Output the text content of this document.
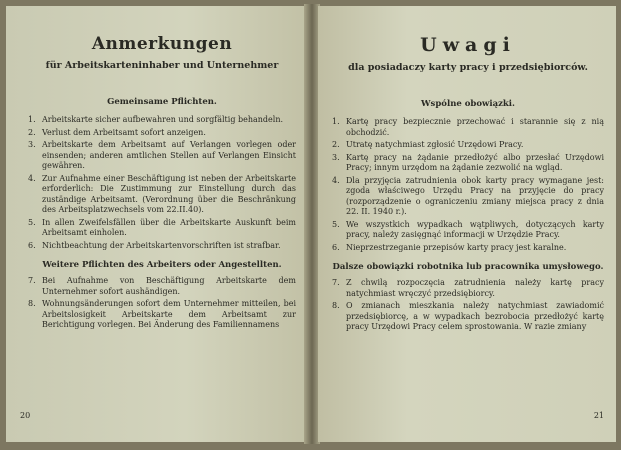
Anmerkungen
für Arbeitskarteninhaber und Unternehmer
Gemeinsame Pflichten.
1. Arbeitskarte sicher aufbewahren und sorgfältig behandeln.
2. Verlust dem Arbeitsamt sofort anzeigen.
3. Arbeitskarte dem Arbeitsamt auf Verlangen vorlegen oder einsenden; anderen amtlichen Stellen auf Verlangen Einsicht gewähren.
4. Zur Aufnahme einer Beschäftigung ist neben der Arbeitskarte erforderlich: Die Zustimmung zur Einstellung durch das zuständige Arbeitsamt. (Verordnung über die Beschränkung des Arbeitsplatzwechsels vom 22.II.40).
5. In allen Zweifelsfällen über die Arbeitskarte Auskunft beim Arbeitsamt einholen.
6. Nichtbeachtung der Arbeitskartenvorschriften ist strafbar.
Weitere Pflichten des Arbeiters oder Angestellten.
7. Bei Aufnahme von Beschäftigung Arbeitskarte dem Unternehmer sofort aushändigen.
8. Wohnungsänderungen sofort dem Unternehmer mitteilen, bei Arbeitslosigkeit Arbeitskarte dem Arbeitsamt zur Berichtigung vorlegen. Bei Änderung des Familiennamens
20
Uwagi
dla posiadaczy karty pracy i przedsiębiorców.
Wspólne obowiązki.
1. Kartę pracy bezpiecznie przechować i starannie się z nią obchodzić.
2. Utratę natychmiast zgłosić Urzędowi Pracy.
3. Kartę pracy na żądanie przedłożyć albo przesłać Urzędowi Pracy; innym urzędom na żądanie zezwolić na wgląd.
4. Dla przyjęcia zatrudnienia obok karty pracy wymagane jest: zgoda właściwego Urzędu Pracy na przyjęcie do pracy (rozporządzenie o ograniczeniu zmiany miejsca pracy z dnia 22. II. 1940 r.).
5. We wszystkich wypadkach wątpliwych, dotyczących karty pracy, należy zasięgnąć informacji w Urzędzie Pracy.
6. Nieprzestrzeganie przepisów karty pracy jest karalne.
Dalsze obowiązki robotnika lub pracownika umysłowego.
7. Z chwilą rozpoczęcia zatrudnienia należy kartę pracy natychmiast wręczyć przedsiębiorcy.
8. O zmianach mieszkania należy natychmiast zawiadomić przedsiębiorcę, a w wypadkach bezrobocia przedłożyć kartę pracy Urzędowi Pracy celem sprostowania. W razie zmiany
21
